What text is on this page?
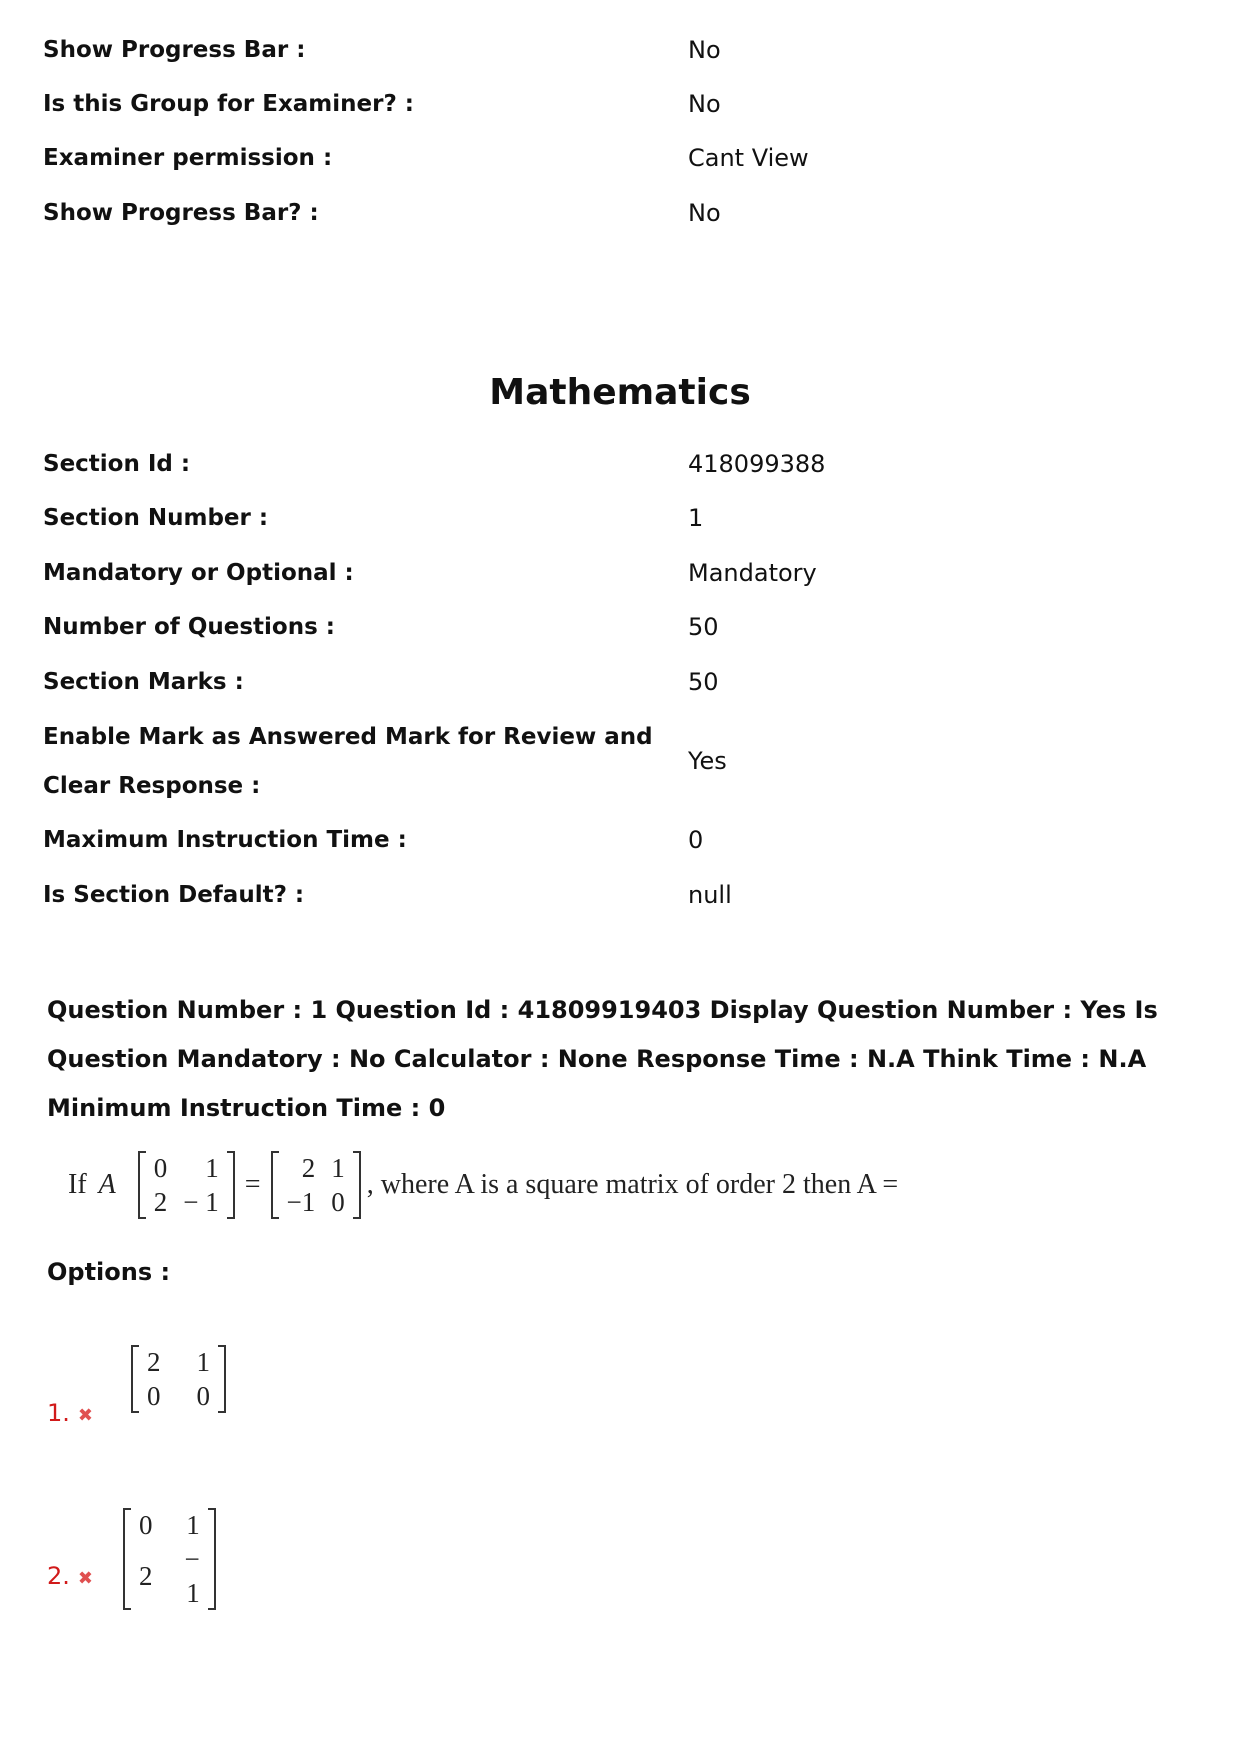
Show Progress Bar :	No
Is this Group for Examiner? :	No
Examiner permission :	Cant View
Show Progress Bar? :	No
Mathematics
Section Id :	418099388
Section Number :	1
Mandatory or Optional :	Mandatory
Number of Questions :	50
Section Marks :	50
Enable Mark as Answered Mark for Review and
Clear Response :
Yes
Maximum Instruction Time :	0
Is Section Default? :	null
Question Number : 1 Question Id : 41809919403 Display Question Number : Yes Is Question Mandatory : No Calculator : None Response Time : N.A Think Time : N.A Minimum Instruction Time : 0
If A
0	1
2	− 1
=
2	1
−1	0
, where A is a square matrix of order 2 then A =
Options :
1. ✖
2	1
0	0
2. ✖
0	1
2	− 1
